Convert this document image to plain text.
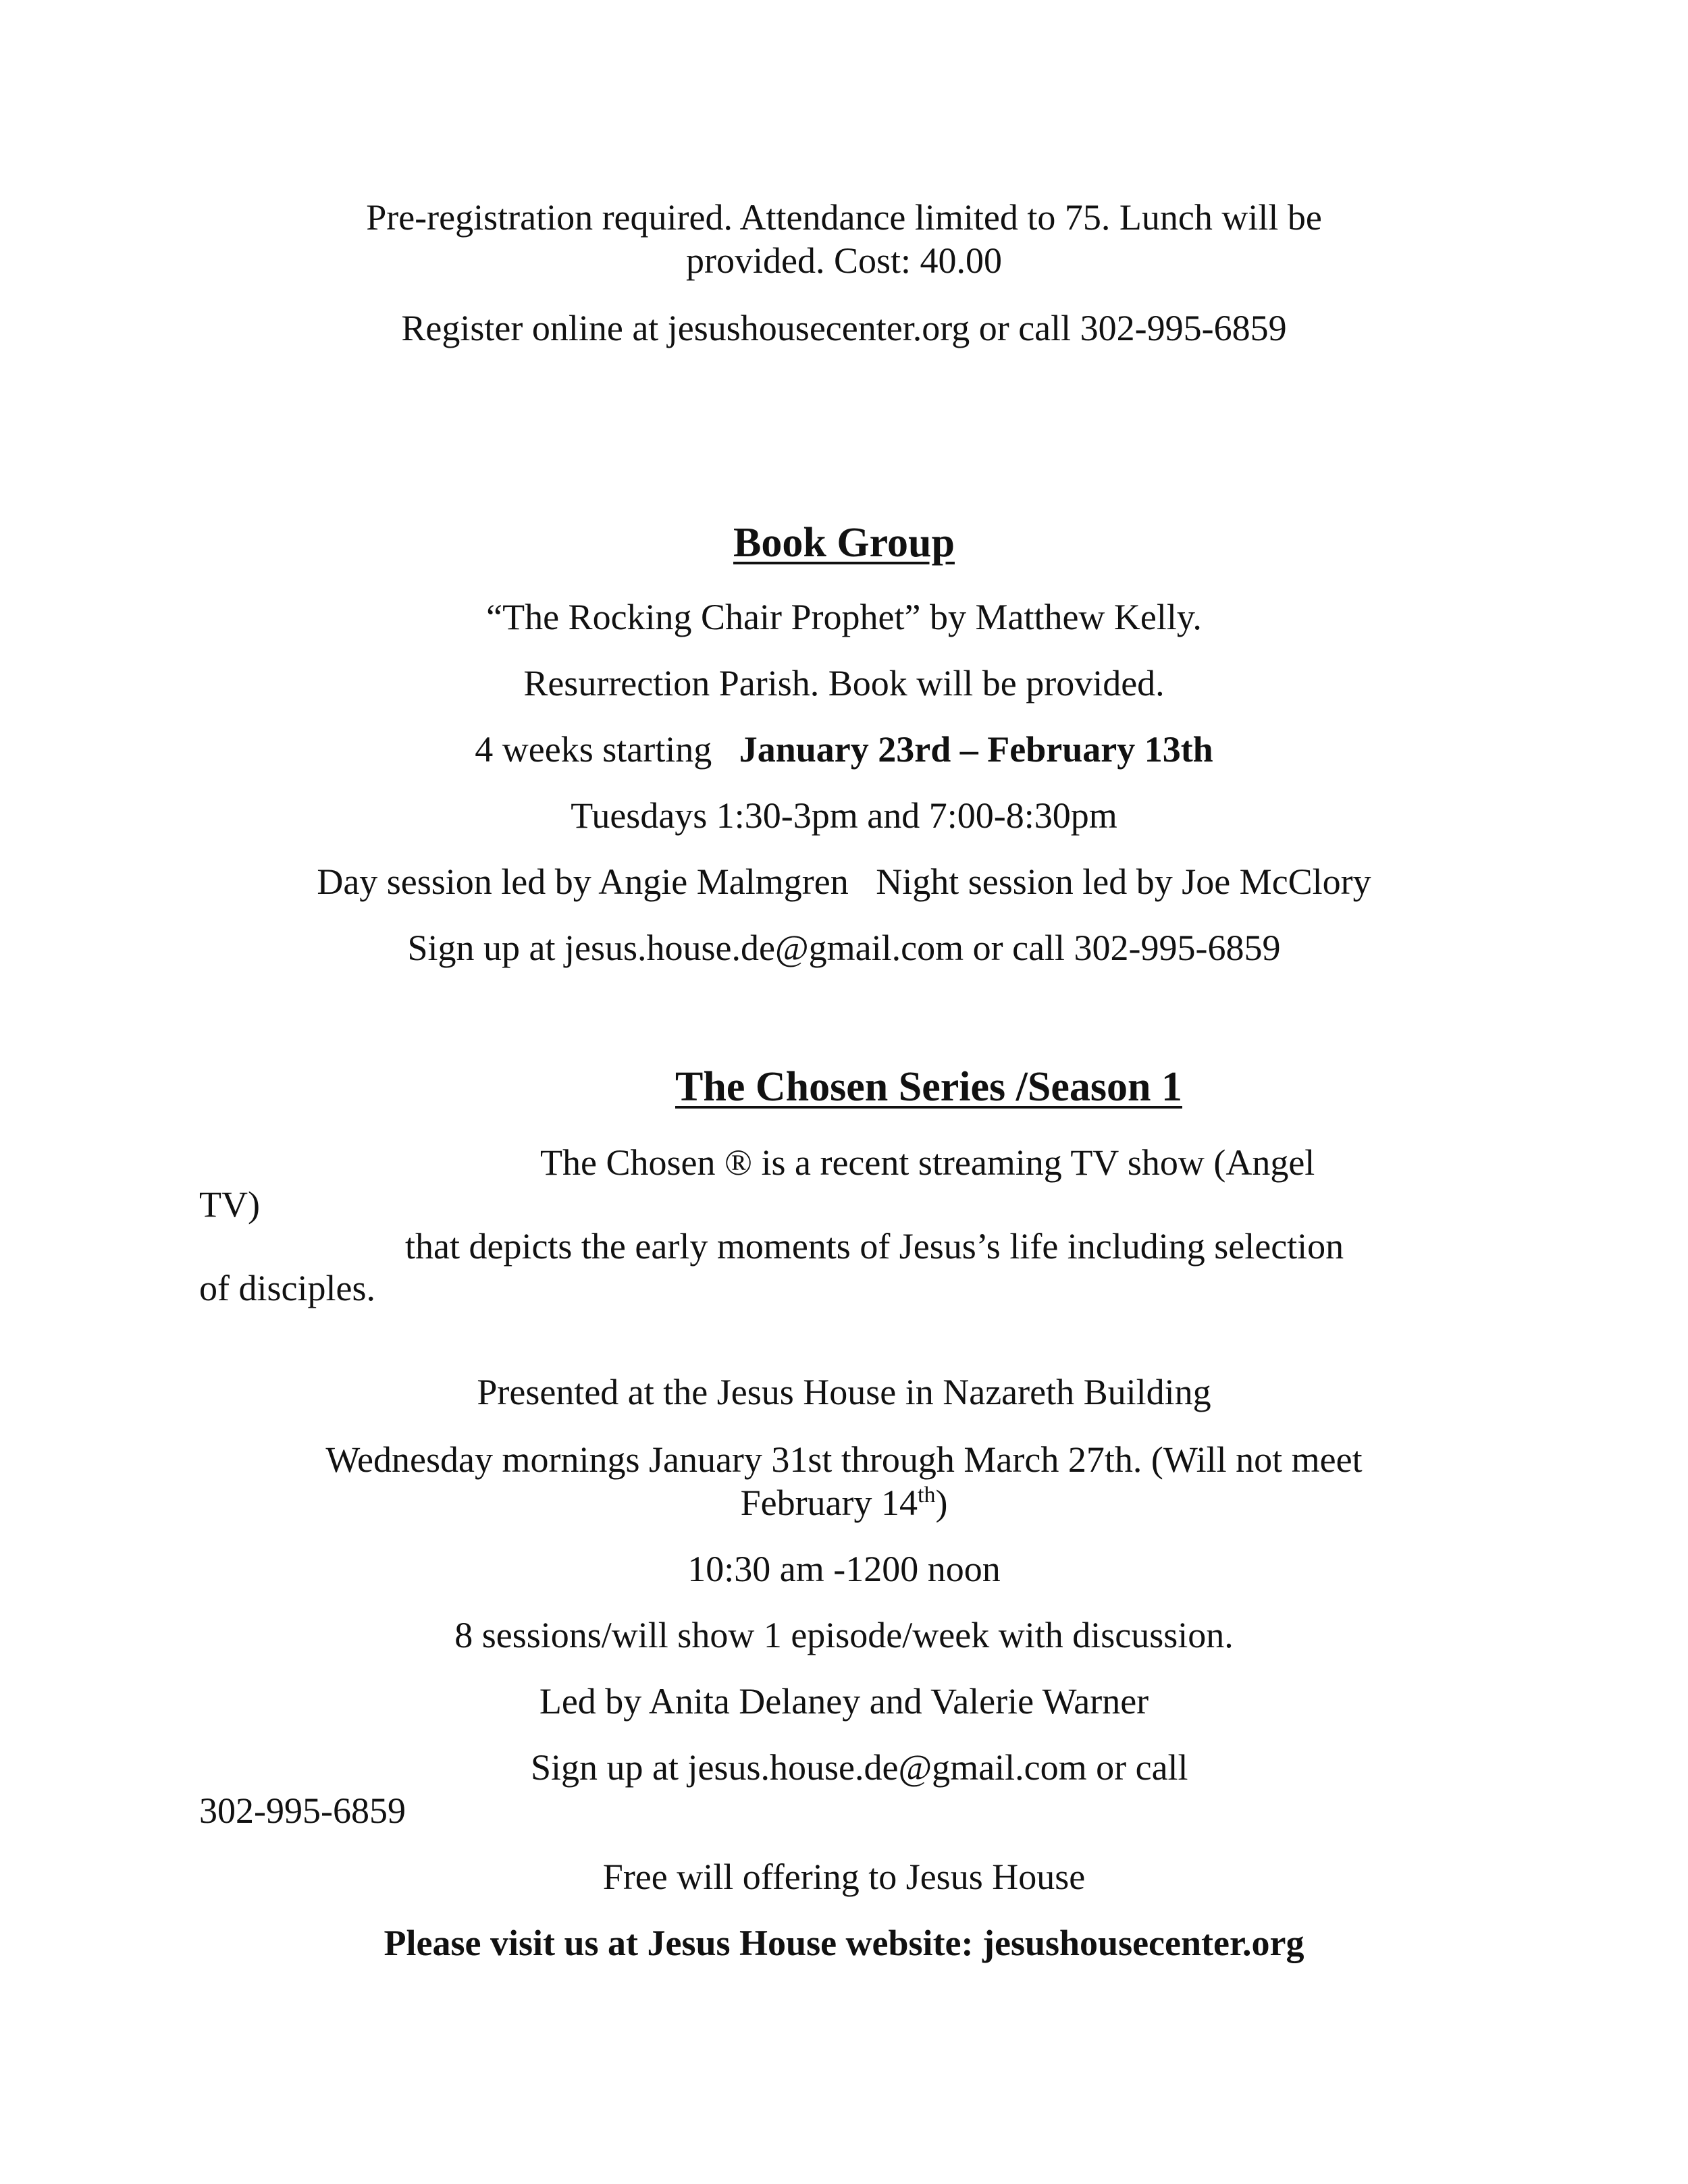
Pre-registration required. Attendance limited to 75. Lunch will be

provided. Cost: 40.00

Register online at jesushousecenter.org or call 302-995-6859

Book Group

“The Rocking Chair Prophet” by Matthew Kelly.

Resurrection Parish. Book will be provided.

4 weeks starting January 23rd – February 13th

Tuesdays 1:30-3pm and 7:00-8:30pm

Day session led by Angie Malmgren   Night session led by Joe McClory

Sign up at jesus.house.de@gmail.com or call 302-995-6859

The Chosen Series /Season 1

The Chosen ® is a recent streaming TV show (Angel

TV)

that depicts the early moments of Jesus’s life including selection

of disciples.

Presented at the Jesus House in Nazareth Building

Wednesday mornings January 31st through March 27th. (Will not meet

February 14th)

10:30 am -1200 noon

8 sessions/will show 1 episode/week with discussion.

Led by Anita Delaney and Valerie Warner

Sign up at jesus.house.de@gmail.com or call

302-995-6859

Free will offering to Jesus House

Please visit us at Jesus House website: jesushousecenter.org
